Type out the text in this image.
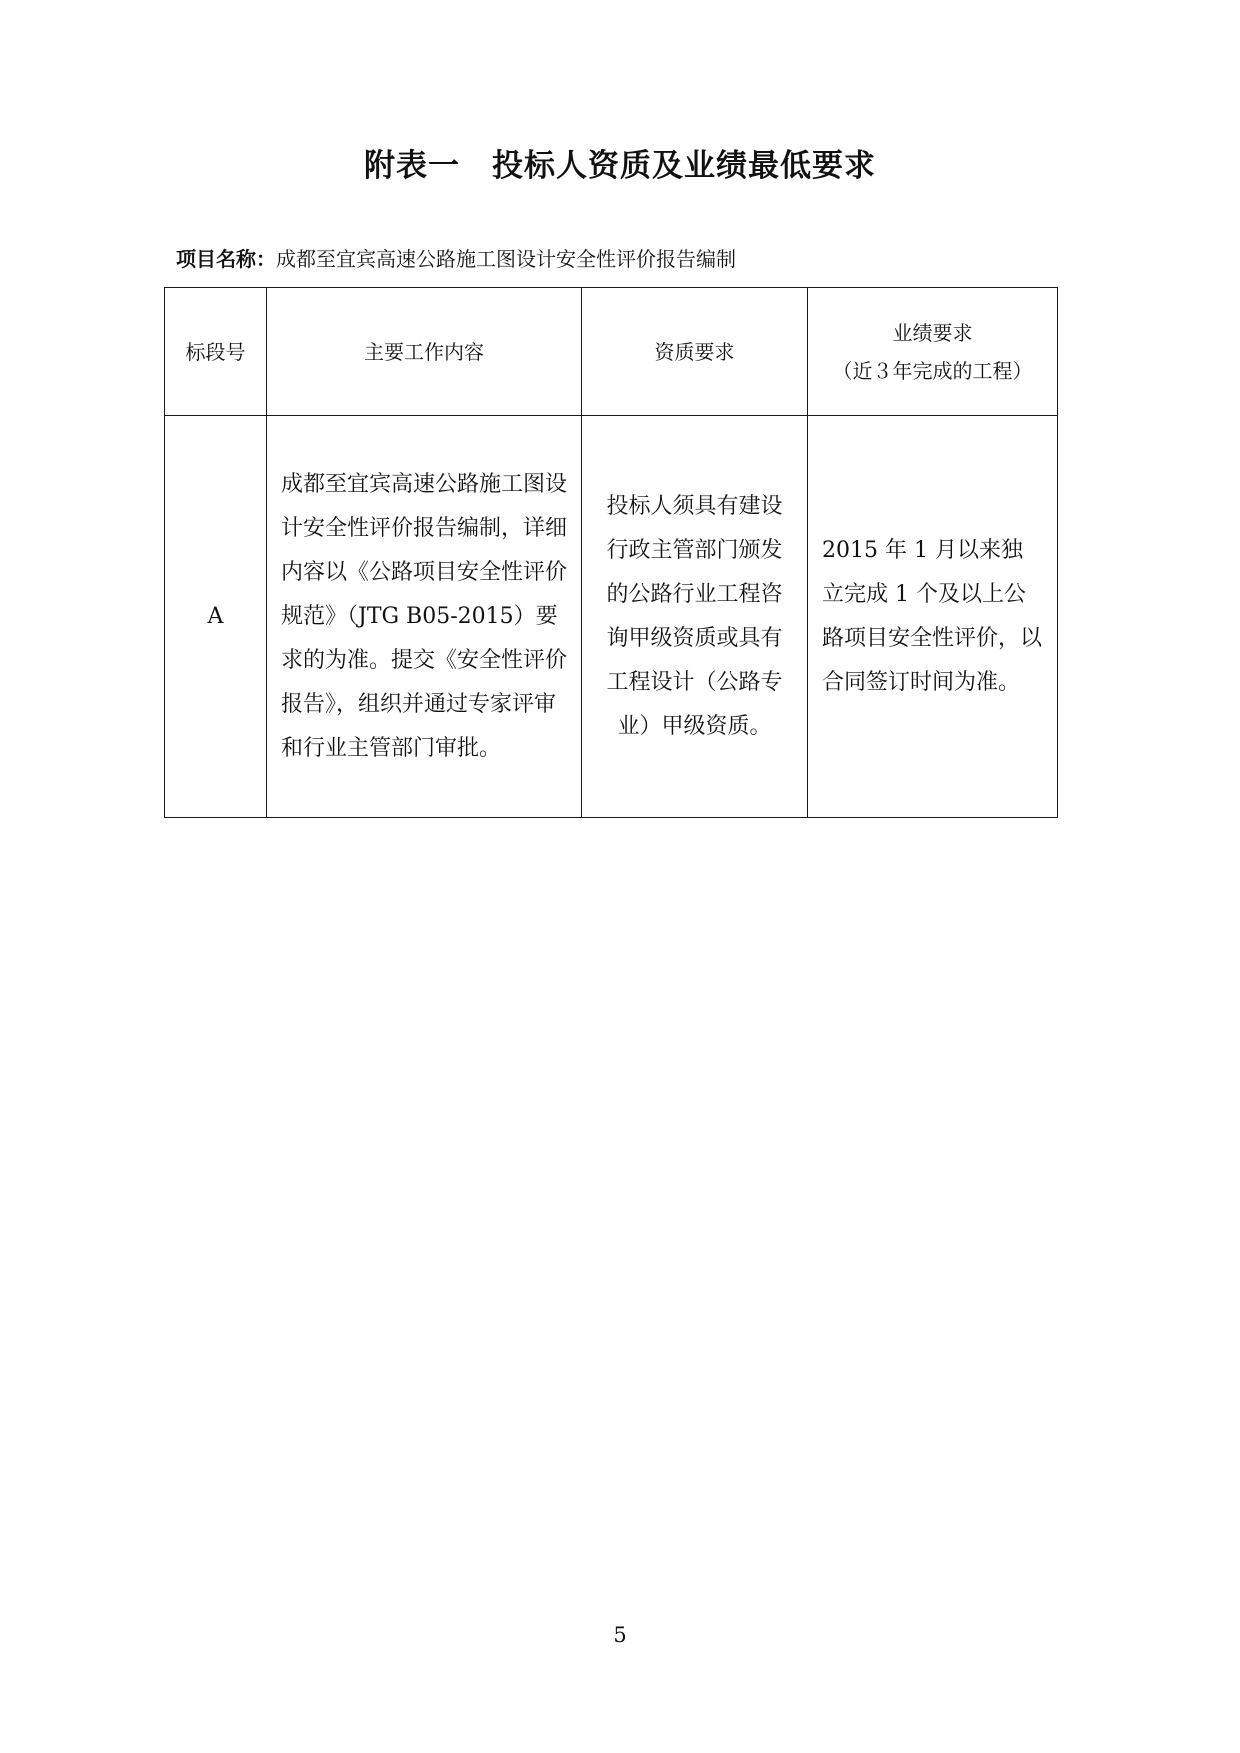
附表一　投标人资质及业绩最低要求
项目名称：成都至宜宾高速公路施工图设计安全性评价报告编制
标段号	主要工作内容	资质要求	业绩要求
（近３年完成的工程）

A	成都至宜宾高速公路施工图设计安全性评价报告编制，详细内容以《公路项目安全性评价规范》（JTG B05-2015）要求的为准。提交《安全性评价报告》，组织并通过专家评审和行业主管部门审批。	投标人须具有建设行政主管部门颁发的公路行业工程咨询甲级资质或具有工程设计（公路专业）甲级资质。	2015 年 1 月以来独立完成 1 个及以上公路项目安全性评价，以合同签订时间为准。
5
